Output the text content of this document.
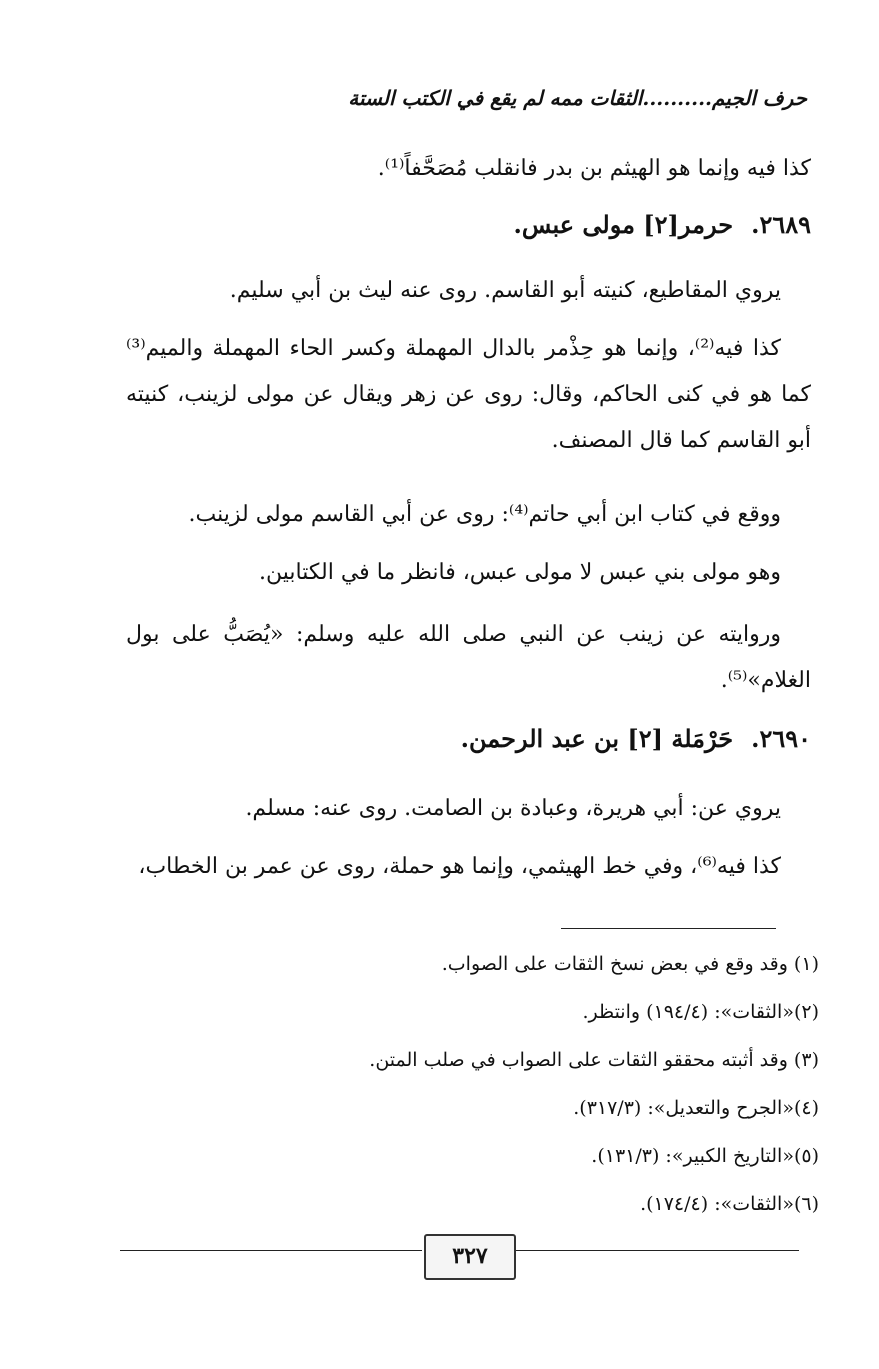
حرف الجيم..........الثقات ممه لم يقع في الكتب الستة
كذا فيه وإنما هو الهيثم بن بدر فانقلب مُصَحَّفاً⁽¹⁾.
٢٦٨٩.حرمر[٢] مولى عبس.
يروي المقاطيع، كنيته أبو القاسم. روى عنه ليث بن أبي سليم.
كذا فيه⁽²⁾، وإنما هو حِذْمر بالدال المهملة وكسر الحاء المهملة والميم⁽³⁾ كما هو في كنى الحاكم، وقال: روى عن زهر ويقال عن مولى لزينب، كنيته أبو القاسم كما قال المصنف.
ووقع في كتاب ابن أبي حاتم⁽⁴⁾: روى عن أبي القاسم مولى لزينب.
وهو مولى بني عبس لا مولى عبس، فانظر ما في الكتابين.
وروايته عن زينب عن النبي صلى الله عليه وسلم: «يُصَبُّ على بول الغلام»⁽⁵⁾.
٢٦٩٠.حَرْمَلة [٢] بن عبد الرحمن.
يروي عن: أبي هريرة، وعبادة بن الصامت. روى عنه: مسلم.
كذا فيه⁽⁶⁾، وفي خط الهيثمي، وإنما هو حملة، روى عن عمر بن الخطاب،
(١) وقد وقع في بعض نسخ الثقات على الصواب.
(٢)«الثقات»: (١٩٤/٤) وانتظر.
(٣) وقد أثبته محققو الثقات على الصواب في صلب المتن.
(٤)«الجرح والتعديل»: (٣١٧/٣).
(٥)«التاريخ الكبير»: (١٣١/٣).
(٦)«الثقات»: (١٧٤/٤).
٣٢٧
